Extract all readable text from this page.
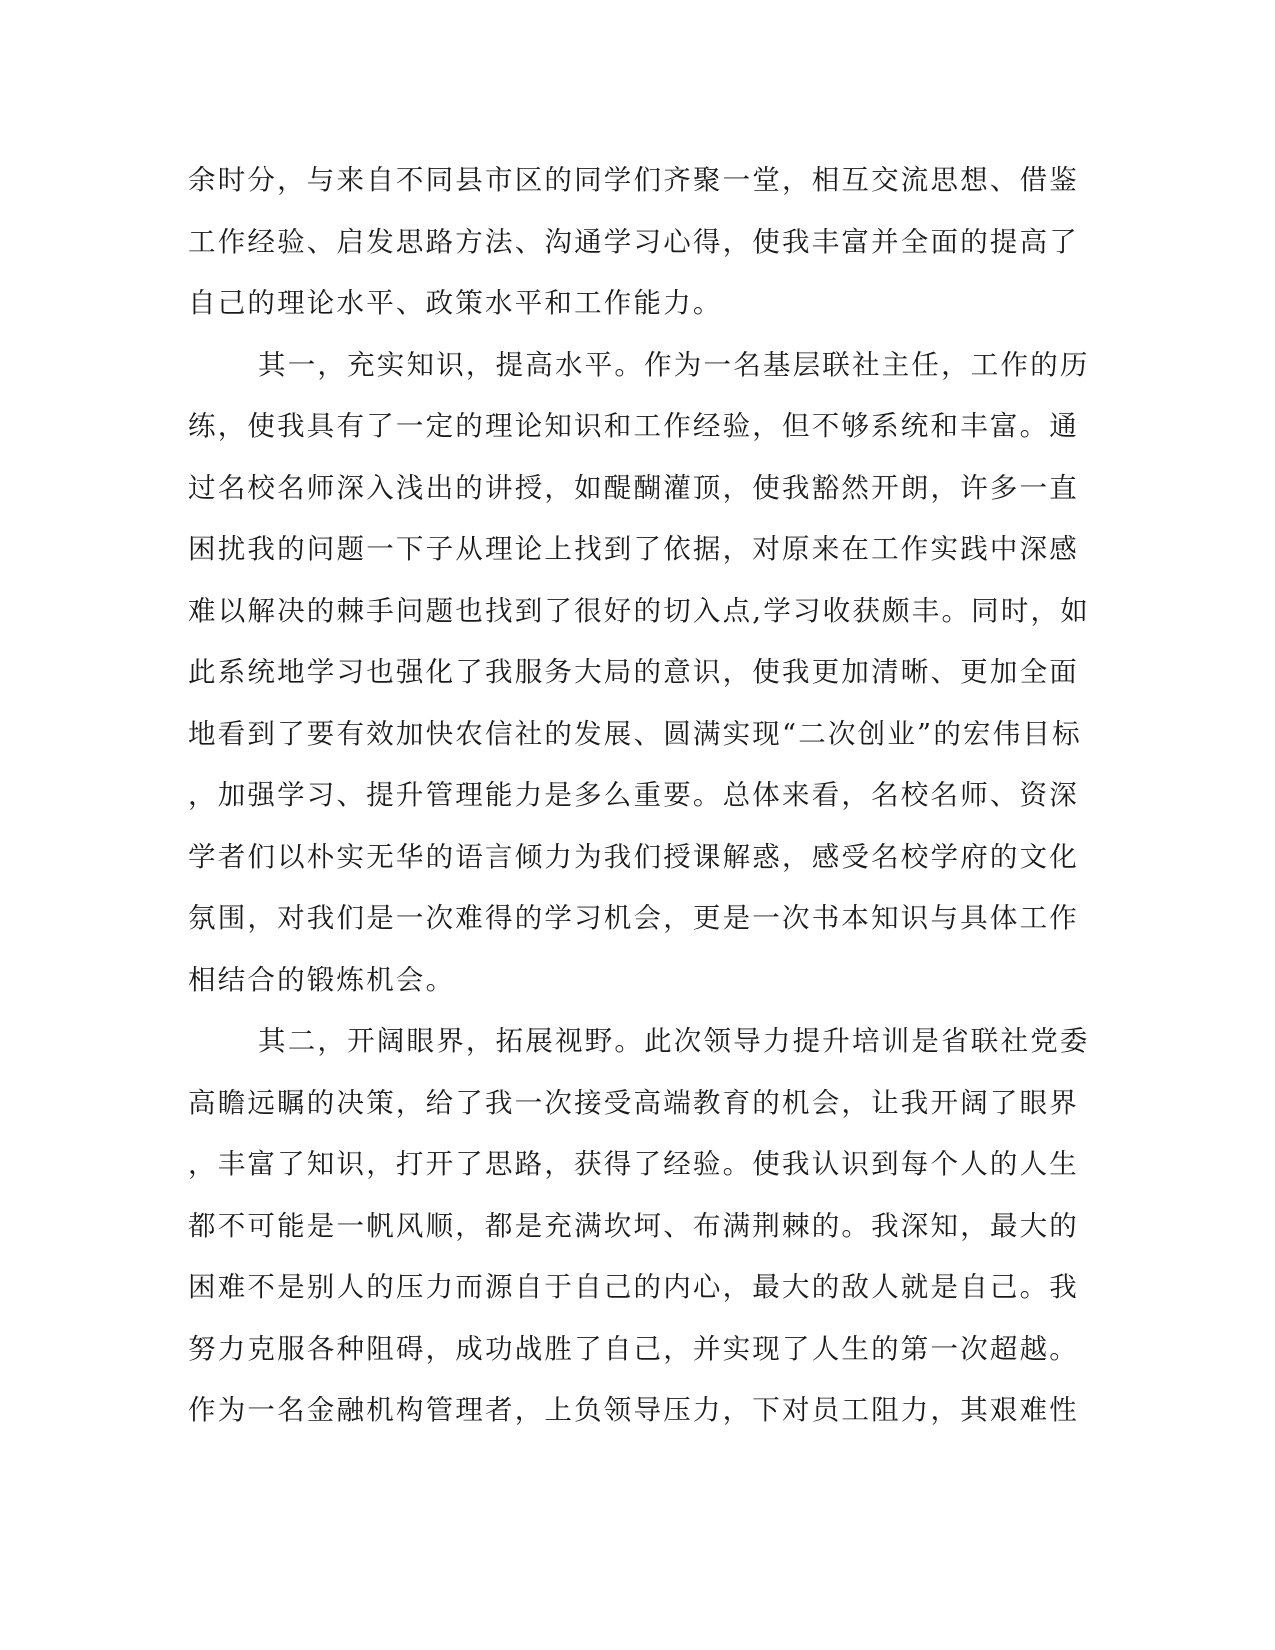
余时分，与来自不同县市区的同学们齐聚一堂，相互交流思想、借鉴
工作经验、启发思路方法、沟通学习心得，使我丰富并全面的提高了
自己的理论水平、政策水平和工作能力。
其一，充实知识，提高水平。作为一名基层联社主任，工作的历
练，使我具有了一定的理论知识和工作经验，但不够系统和丰富。通
过名校名师深入浅出的讲授，如醍醐灌顶，使我豁然开朗，许多一直
困扰我的问题一下子从理论上找到了依据，对原来在工作实践中深感
难以解决的棘手问题也找到了很好的切入点,学习收获颇丰。同时，如
此系统地学习也强化了我服务大局的意识，使我更加清晰、更加全面
地看到了要有效加快农信社的发展、圆满实现“二次创业”的宏伟目标
，加强学习、提升管理能力是多么重要。总体来看，名校名师、资深
学者们以朴实无华的语言倾力为我们授课解惑，感受名校学府的文化
氛围，对我们是一次难得的学习机会，更是一次书本知识与具体工作
相结合的锻炼机会。
其二，开阔眼界，拓展视野。此次领导力提升培训是省联社党委
高瞻远瞩的决策，给了我一次接受高端教育的机会，让我开阔了眼界
，丰富了知识，打开了思路，获得了经验。使我认识到每个人的人生
都不可能是一帆风顺，都是充满坎坷、布满荆棘的。我深知，最大的
困难不是别人的压力而源自于自己的内心，最大的敌人就是自己。我
努力克服各种阻碍，成功战胜了自己，并实现了人生的第一次超越。
作为一名金融机构管理者，上负领导压力，下对员工阻力，其艰难性
